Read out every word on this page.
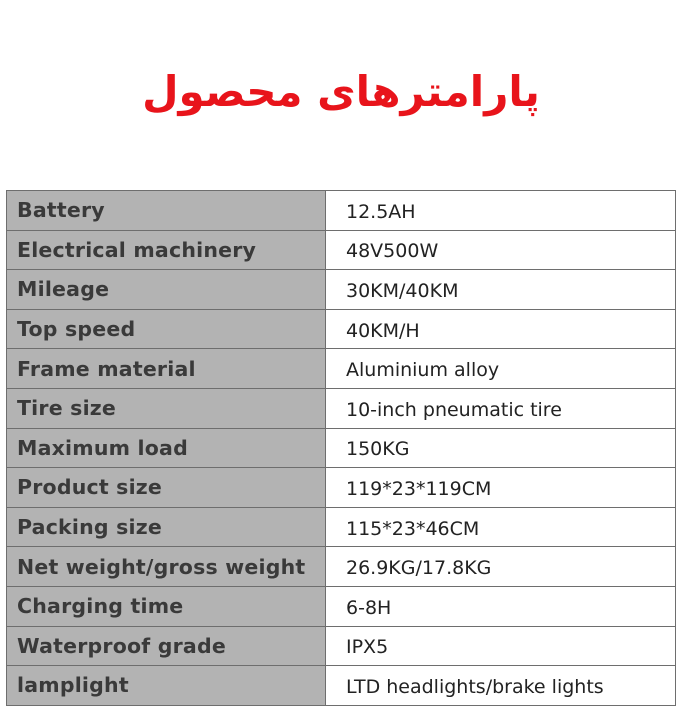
پارامترهای محصول
Battery	12.5AH
Electrical machinery	48V500W
Mileage	30KM/40KM
Top speed	40KM/H
Frame material	Aluminium alloy
Tire size	10-inch pneumatic tire
Maximum load	150KG
Product size	119*23*119CM
Packing size	115*23*46CM
Net weight/gross weight	26.9KG/17.8KG
Charging time	6-8H
Waterproof grade	IPX5
lamplight	LTD headlights/brake lights
